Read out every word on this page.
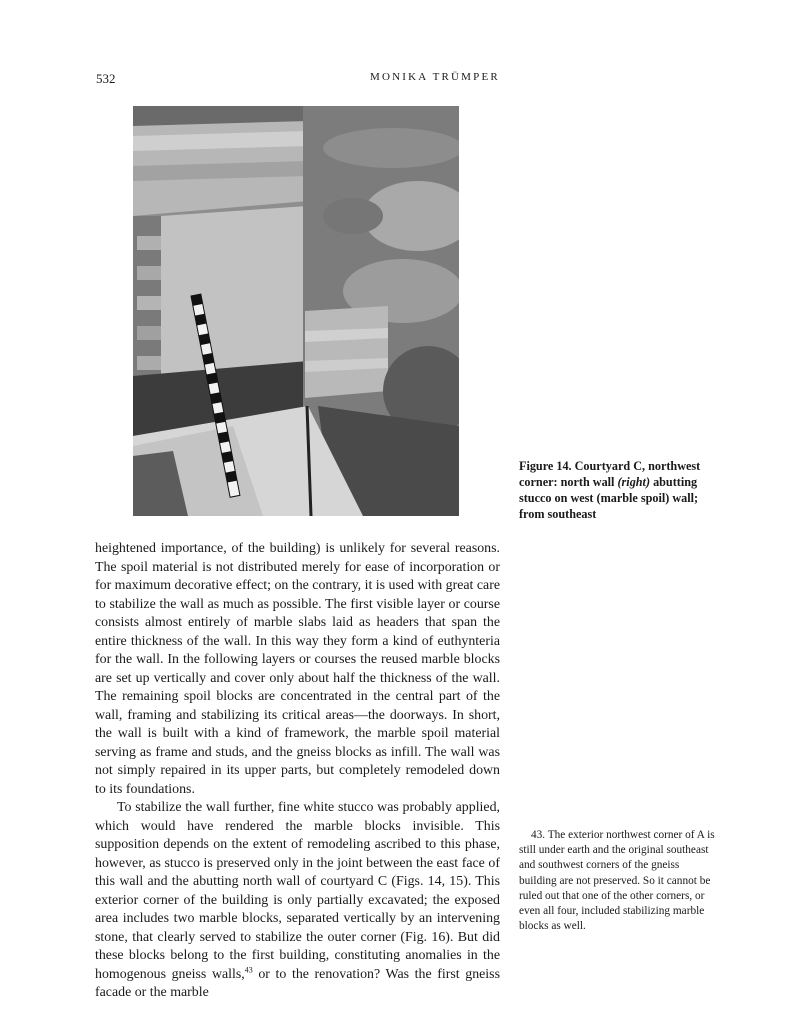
532	MONIKA TRÜMPER
Figure 14. Courtyard C, northwest corner: north wall (right) abutting stucco on west (marble spoil) wall; from southeast

heightened importance, of the building) is unlikely for several reasons. The spoil material is not distributed merely for ease of incorporation or for maximum decorative effect; on the contrary, it is used with great care to stabilize the wall as much as possible. The first visible layer or course consists almost entirely of marble slabs laid as headers that span the entire thickness of the wall. In this way they form a kind of euthynteria for the wall. In the following layers or courses the reused marble blocks are set up vertically and cover only about half the thickness of the wall. The remaining spoil blocks are concentrated in the central part of the wall, framing and stabilizing its critical areas—the doorways. In short, the wall is built with a kind of framework, the marble spoil material serving as frame and studs, and the gneiss blocks as infill. The wall was not simply repaired in its upper parts, but completely remodeled down to its foundations.

To stabilize the wall further, fine white stucco was probably applied, which would have rendered the marble blocks invisible. This supposition depends on the extent of remodeling ascribed to this phase, however, as stucco is preserved only in the joint between the east face of this wall and the abutting north wall of courtyard C (Figs. 14, 15). This exterior corner of the building is only partially excavated; the exposed area includes two marble blocks, separated vertically by an intervening stone, that clearly served to stabilize the outer corner (Fig. 16). But did these blocks belong to the first building, constituting anomalies in the homogenous gneiss walls,$^{43}$ or to the renovation? Was the first gneiss facade or the marble

43. The exterior northwest corner of A is still under earth and the original southeast and southwest corners of the gneiss building are not preserved. So it cannot be ruled out that one of the other corners, or even all four, included stabilizing marble blocks as well.
